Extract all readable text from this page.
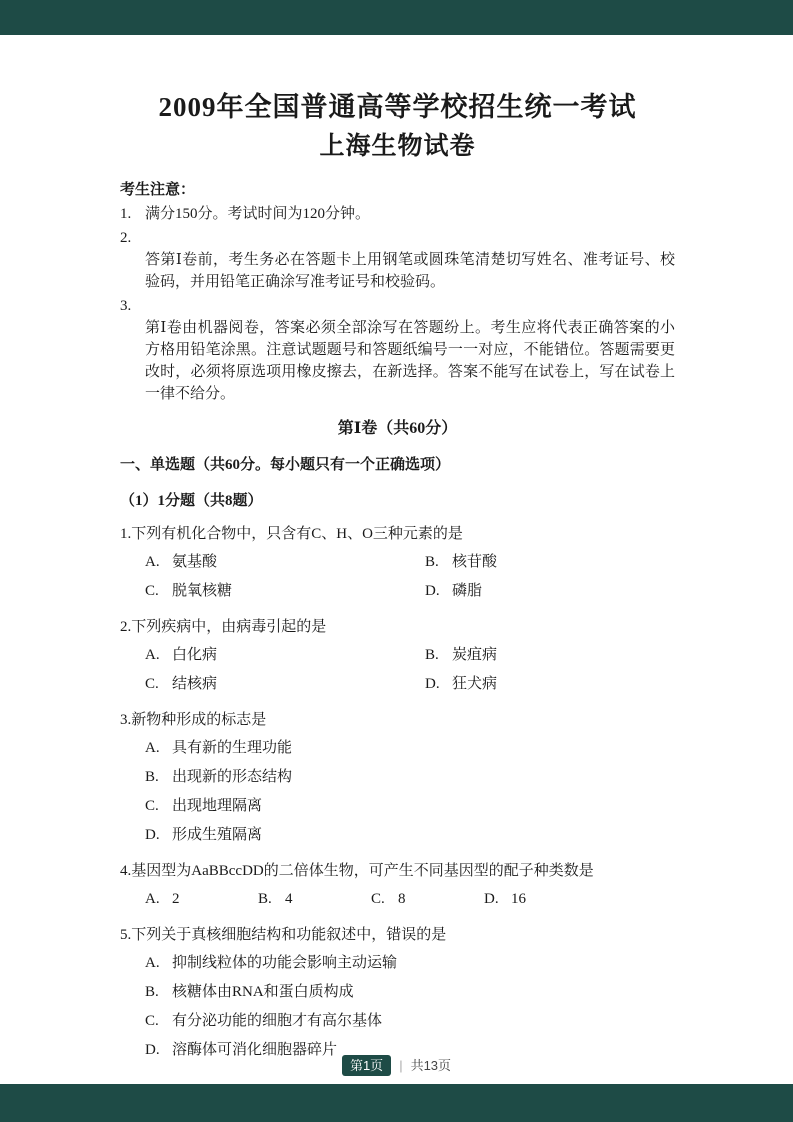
2009年全国普通高等学校招生统一考试
上海生物试卷
考生注意：
1. 满分150分。考试时间为120分钟。
2.
答第Ⅰ卷前，考生务必在答题卡上用钢笔或圆珠笔清楚切写姓名、准考证号、校验码，并用铅笔正确涂写准考证号和校验码。
3.
第Ⅰ卷由机器阅卷，答案必须全部涂写在答题纷上。考生应将代表正确答案的小方格用铅笔涂黑。注意试题题号和答题纸编号一一对应，不能错位。答题需要更改时，必须将原选项用橡皮擦去，在新选择。答案不能写在试卷上，写在试卷上一律不给分。
第Ⅰ卷（共60分）
一、单选题（共60分。每小题只有一个正确选项）
（1）1分题（共8题）
1.下列有机化合物中，只含有C、H、O三种元素的是
A. 氨基酸	B. 核苷酸
C. 脱氧核糖	D. 磷脂
2.下列疾病中，由病毒引起的是
A. 白化病	B. 炭疽病
C. 结核病	D. 狂犬病
3.新物种形成的标志是
A. 具有新的生理功能
B. 出现新的形态结构
C. 出现地理隔离
D. 形成生殖隔离
4.基因型为AaBBccDD的二倍体生物，可产生不同基因型的配子种类数是
A. 2	B. 4	C. 8	D. 16
5.下列关于真核细胞结构和功能叙述中，错误的是
A. 抑制线粒体的功能会影响主动运输
B. 核糖体由RNA和蛋白质构成
C. 有分泌功能的细胞才有高尔基体
D. 溶酶体可消化细胞器碎片
第1页 | 共13页
